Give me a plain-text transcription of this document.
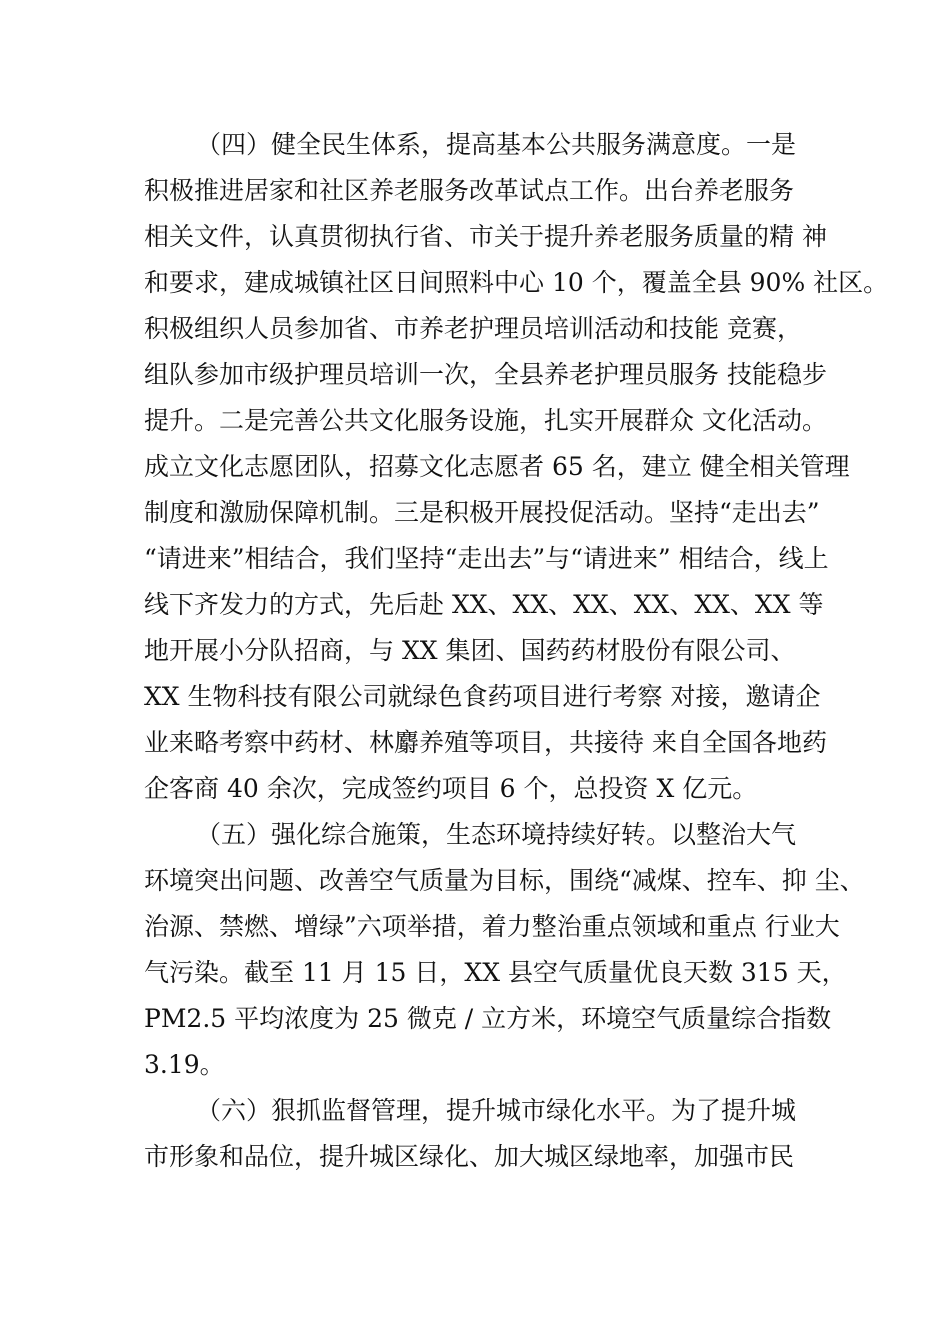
（四）健全民生体系，提高基本公共服务满意度。一是
积极推进居家和社区养老服务改革试点工作。出台养老服务
相关文件，认真贯彻执行省、市关于提升养老服务质量的精 神
和要求，建成城镇社区日间照料中心 10 个，覆盖全县 90% 社区。
积极组织人员参加省、市养老护理员培训活动和技能 竞赛，
组队参加市级护理员培训一次，全县养老护理员服务 技能稳步
提升。二是完善公共文化服务设施，扎实开展群众 文化活动。
成立文化志愿团队，招募文化志愿者 65 名，建立 健全相关管理
制度和激励保障机制。三是积极开展投促活动。坚持“走出去”
“请进来”相结合，我们坚持“走出去”与“请进来” 相结合，线上
线下齐发力的方式，先后赴 XX、XX、XX、XX、XX、XX 等
地开展小分队招商，与 XX 集团、国药药材股份有限公司、
XX 生物科技有限公司就绿色食药项目进行考察 对接，邀请企
业来略考察中药材、林麝养殖等项目，共接待 来自全国各地药
企客商 40 余次，完成签约项目 6 个，总投资 X 亿元。
（五）强化综合施策，生态环境持续好转。以整治大气
环境突出问题、改善空气质量为目标，围绕“减煤、控车、抑 尘、
治源、禁燃、增绿”六项举措，着力整治重点领域和重点 行业大
气污染。截至 11 月 15 日，XX 县空气质量优良天数 315 天，
PM2.5 平均浓度为 25 微克 / 立方米，环境空气质量综合指数
3.19。
（六）狠抓监督管理，提升城市绿化水平。为了提升城
市形象和品位，提升城区绿化、加大城区绿地率，加强市民
